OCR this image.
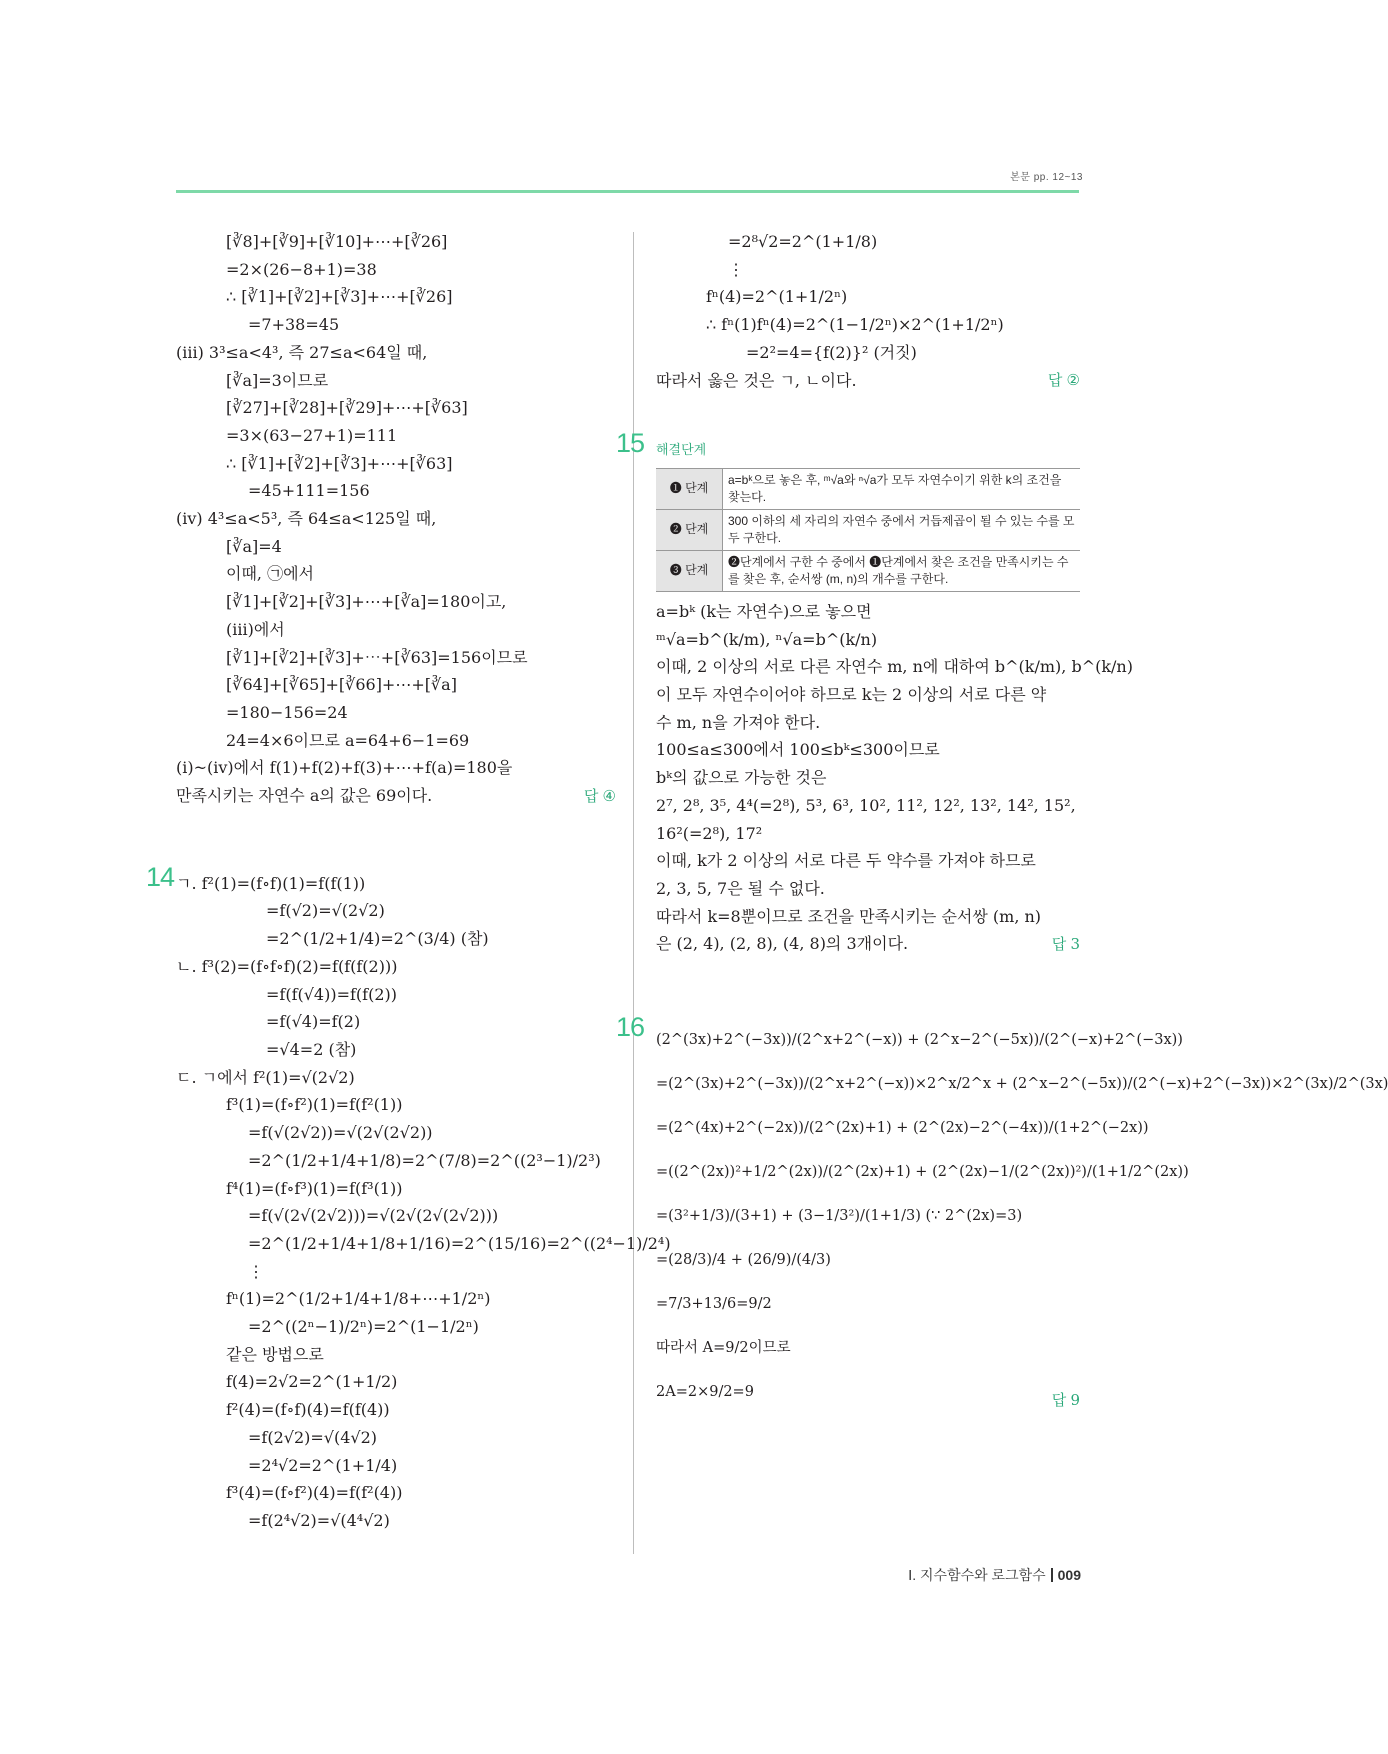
본문 pp. 12~13
[∛8]+[∛9]+[∛10]+⋯+[∛26]
=2×(26−8+1)=38
∴ [∛1]+[∛2]+[∛3]+⋯+[∛26]
=7+38=45
(iii) 3³≤a<4³, 즉 27≤a<64일 때,
[∛a]=3이므로
[∛27]+[∛28]+[∛29]+⋯+[∛63]
=3×(63−27+1)=111
∴ [∛1]+[∛2]+[∛3]+⋯+[∛63]
=45+111=156
(iv) 4³≤a<5³, 즉 64≤a<125일 때,
[∛a]=4
이때, ㉠에서
[∛1]+[∛2]+[∛3]+⋯+[∛a]=180이고,
(iii)에서
[∛1]+[∛2]+[∛3]+⋯+[∛63]=156이므로
[∛64]+[∛65]+[∛66]+⋯+[∛a]
=180−156=24
24=4×6이므로 a=64+6−1=69
(i)~(iv)에서 f(1)+f(2)+f(3)+⋯+f(a)=180을
만족시키는 자연수 a의 값은 69이다.	답 ④
14 ㄱ. f²(1)=(f∘f)(1)=f(f(1))
=f(√2)=√(2√2)
=2^(1/2+1/4)=2^(3/4) (참)
ㄴ. f³(2)=(f∘f∘f)(2)=f(f(f(2)))
=f(f(√4))=f(f(2))
=f(√4)=f(2)
=√4=2 (참)
ㄷ. ㄱ에서 f²(1)=√(2√2)
f³(1)=(f∘f²)(1)=f(f²(1))
=f(√(2√2))=√(2√(2√2))
=2^(1/2+1/4+1/8)=2^(7/8)=2^((2³−1)/2³)
f⁴(1)=(f∘f³)(1)=f(f³(1))
=f(√(2√(2√2)))=√(2√(2√(2√2)))
=2^(1/2+1/4+1/8+1/16)=2^(15/16)=2^((2⁴−1)/2⁴)
⋮
fⁿ(1)=2^(1/2+1/4+1/8+⋯+1/2ⁿ)
=2^((2ⁿ−1)/2ⁿ)=2^(1−1/2ⁿ)
같은 방법으로
f(4)=2√2=2^(1+1/2)
f²(4)=(f∘f)(4)=f(f(4))
=f(2√2)=√(4√2)
=2⁴√2=2^(1+1/4)
f³(4)=(f∘f²)(4)=f(f²(4))
=f(2⁴√2)=√(4⁴√2)
=2⁸√2=2^(1+1/8)
⋮
fⁿ(4)=2^(1+1/2ⁿ)
∴ fⁿ(1)fⁿ(4)=2^(1−1/2ⁿ)×2^(1+1/2ⁿ)
=2²=4={f(2)}² (거짓)
따라서 옳은 것은 ㄱ, ㄴ이다.	답 ②
15 해결단계
❶ 단계	a=bᵏ으로 놓은 후, ᵐ√a와 ⁿ√a가 모두 자연수이기 위한 k의 조건을 찾는다.
❷ 단계	300 이하의 세 자리의 자연수 중에서 거듭제곱이 될 수 있는 수를 모두 구한다.
❸ 단계	❷단계에서 구한 수 중에서 ❶단계에서 찾은 조건을 만족시키는 수를 찾은 후, 순서쌍 (m, n)의 개수를 구한다.
a=bᵏ (k는 자연수)으로 놓으면
ᵐ√a=b^(k/m), ⁿ√a=b^(k/n)
이때, 2 이상의 서로 다른 자연수 m, n에 대하여 b^(k/m), b^(k/n)
이 모두 자연수이어야 하므로 k는 2 이상의 서로 다른 약
수 m, n을 가져야 한다.
100≤a≤300에서 100≤bᵏ≤300이므로
bᵏ의 값으로 가능한 것은
2⁷, 2⁸, 3⁵, 4⁴(=2⁸), 5³, 6³, 10², 11², 12², 13², 14², 15²,
16²(=2⁸), 17²
이때, k가 2 이상의 서로 다른 두 약수를 가져야 하므로
2, 3, 5, 7은 될 수 없다.
따라서 k=8뿐이므로 조건을 만족시키는 순서쌍 (m, n)
은 (2, 4), (2, 8), (4, 8)의 3개이다.	답 3
16 (2^(3x)+2^(−3x))/(2^x+2^(−x)) + (2^x−2^(−5x))/(2^(−x)+2^(−3x))
=(2^(3x)+2^(−3x))/(2^x+2^(−x))×2^x/2^x + (2^x−2^(−5x))/(2^(−x)+2^(−3x))×2^(3x)/2^(3x)
=(2^(4x)+2^(−2x))/(2^(2x)+1) + (2^(2x)−2^(−4x))/(1+2^(−2x))
=((2^(2x))²+1/2^(2x))/(2^(2x)+1) + (2^(2x)−1/(2^(2x))²)/(1+1/2^(2x))
=(3²+1/3)/(3+1) + (3−1/3²)/(1+1/3) (∵ 2^(2x)=3)
=(28/3)/4 + (26/9)/(4/3)
=7/3+13/6=9/2
따라서 A=9/2이므로
2A=2×9/2=9	답 9
Ⅰ. 지수함수와 로그함수 009
